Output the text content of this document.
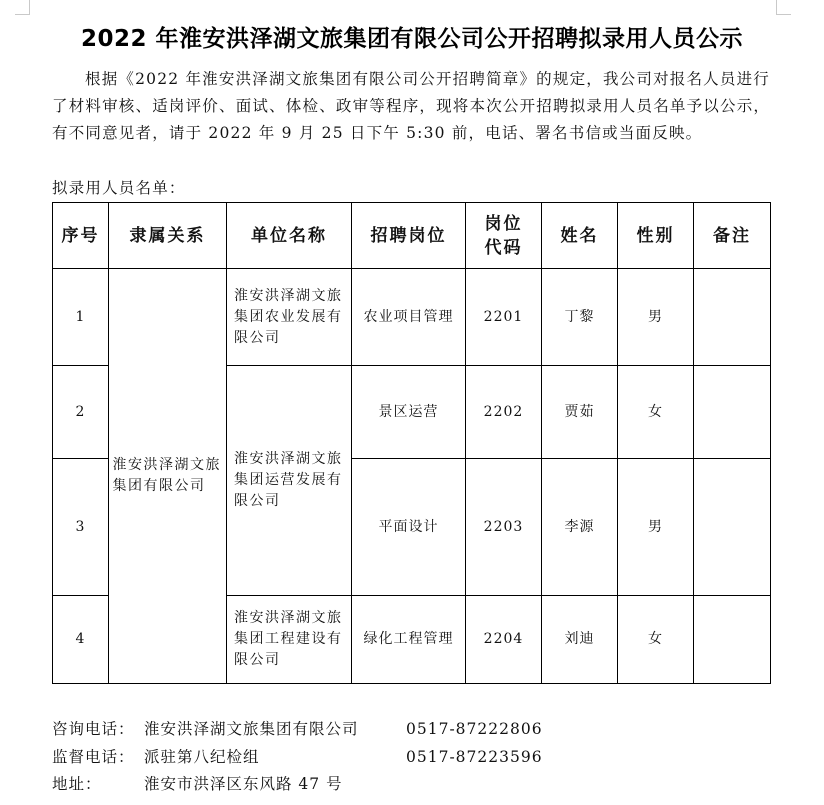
2022 年淮安洪泽湖文旅集团有限公司公开招聘拟录用人员公示
根据《2022 年淮安洪泽湖文旅集团有限公司公开招聘简章》的规定，我公司对报名人员进行了材料审核、适岗评价、面试、体检、政审等程序，现将本次公开招聘拟录用人员名单予以公示，有不同意见者，请于 2022 年 9 月 25 日下午 5:30 前，电话、署名书信或当面反映。
拟录用人员名单：
序号	隶属关系	单位名称	招聘岗位	岗位代码	姓名	性别	备注
1	淮安洪泽湖文旅集团有限公司	淮安洪泽湖文旅集团农业发展有限公司	农业项目管理	2201	丁黎	男	
2		淮安洪泽湖文旅集团运营发展有限公司	景区运营	2202	贾茹	女	
3			平面设计	2203	李源	男	
4		淮安洪泽湖文旅集团工程建设有限公司	绿化工程管理	2204	刘迪	女	
咨询电话： 淮安洪泽湖文旅集团有限公司	0517-87222806
监督电话： 派驻第八纪检组	0517-87223596
地址：	淮安市洪泽区东风路 47 号
